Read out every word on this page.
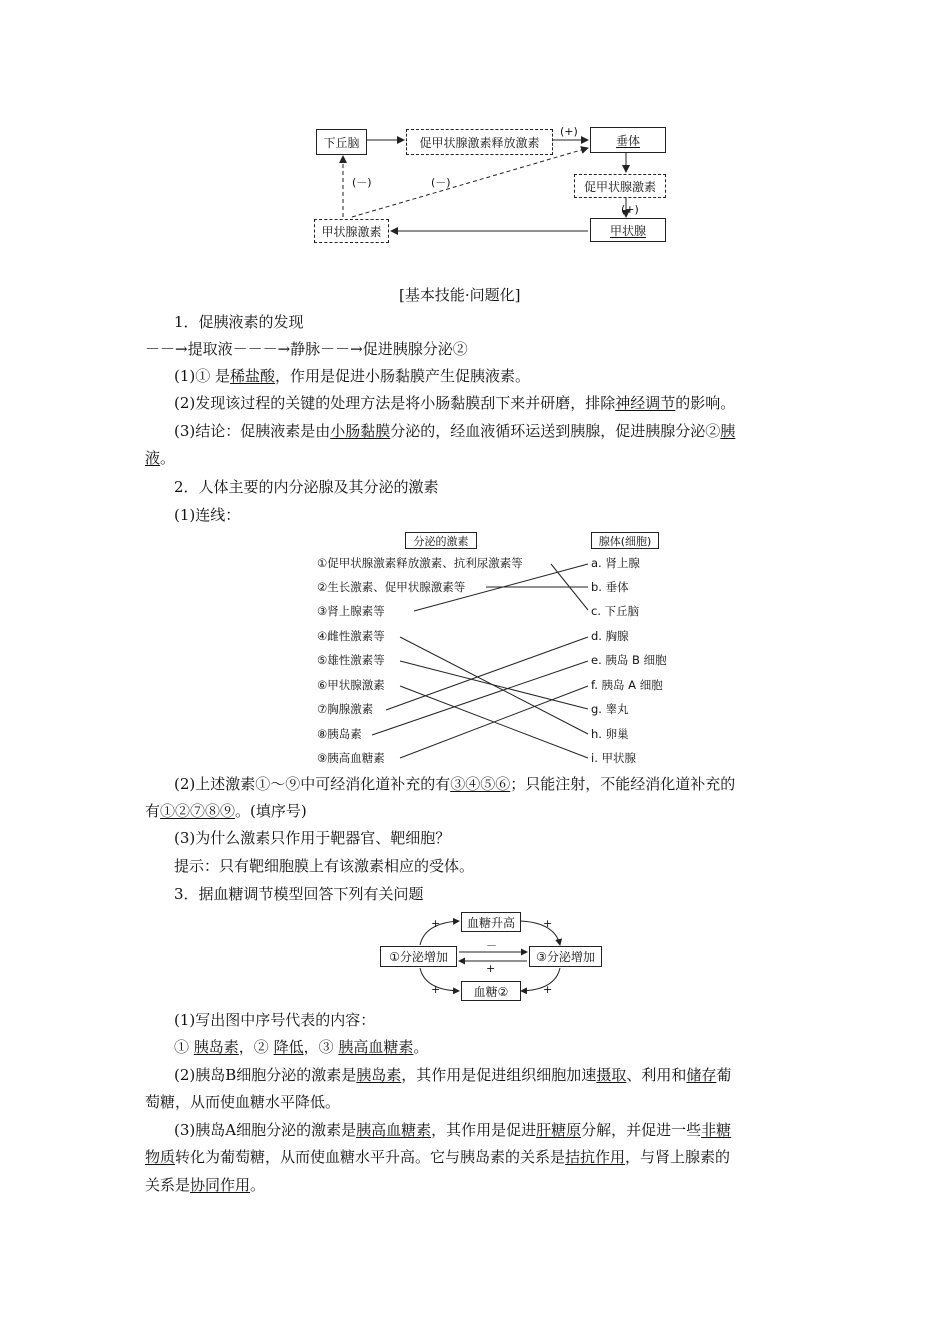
下丘脑	促甲状腺激素释放激素	垂体
促甲状腺激素
甲状腺
甲状腺激素
(+)
(+)
(－)	(－)
[基本技能·问题化]
1．促胰液素的发现
－－→提取液－－－→静脉－－→促进胰腺分泌②
(1)① 是稀盐酸，作用是促进小肠黏膜产生促胰液素。
(2)发现该过程的关键的处理方法是将小肠黏膜刮下来并研磨，排除神经调节的影响。
(3)结论：促胰液素是由小肠黏膜分泌的，经血液循环运送到胰腺，促进胰腺分泌②胰
液。
2．人体主要的内分泌腺及其分泌的激素
(1)连线：
分泌的激素	腺体(细胞)
①促甲状腺激素释放激素、抗利尿激素等
②生长激素、促甲状腺激素等
③肾上腺素等
④雌性激素等
⑤雄性激素等
⑥甲状腺激素
⑦胸腺激素
⑧胰岛素
⑨胰高血糖素
a. 肾上腺
b. 垂体
c. 下丘脑
d. 胸腺
e. 胰岛 B 细胞
f. 胰岛 A 细胞
g. 睾丸
h. 卵巢
i. 甲状腺
(2)上述激素①～⑨中可经消化道补充的有③④⑤⑥；只能注射，不能经消化道补充的
有①②⑦⑧⑨。(填序号)
(3)为什么激素只作用于靶器官、靶细胞？
提示：只有靶细胞膜上有该激素相应的受体。
3．据血糖调节模型回答下列有关问题
血糖升高
①分泌增加	③分泌增加
血糖②
+	+
+	+
－
+
(1)写出图中序号代表的内容：
① 胰岛素，② 降低，③ 胰高血糖素。
(2)胰岛B细胞分泌的激素是胰岛素，其作用是促进组织细胞加速摄取、利用和储存葡
萄糖，从而使血糖水平降低。
(3)胰岛A细胞分泌的激素是胰高血糖素，其作用是促进肝糖原分解，并促进一些非糖
物质转化为葡萄糖，从而使血糖水平升高。它与胰岛素的关系是拮抗作用，与肾上腺素的
关系是协同作用。
